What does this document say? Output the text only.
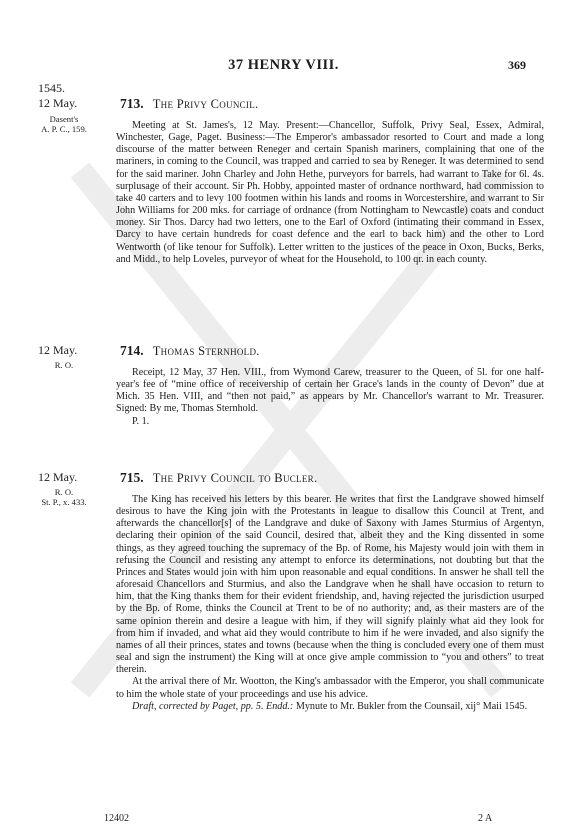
37 HENRY VIII.	369
1545.
12 May.
Dasent's
A. P. C., 159.
713. The Privy Council.

Meeting at St. James's, 12 May. Present:—Chancellor, Suffolk, Privy Seal, Essex, Admiral, Winchester, Gage, Paget. Business:—The Emperor's ambassador resorted to Court and made a long discourse of the matter between Reneger and certain Spanish mariners, complaining that one of the mariners, in coming to the Council, was trapped and carried to sea by Reneger. It was determined to send for the said mariner. John Charley and John Hethe, purveyors for barrels, had warrant to Take for 6l. 4s. surplusage of their account. Sir Ph. Hobby, appointed master of ordnance northward, had commission to take 40 carters and to levy 100 footmen within his lands and rooms in Worcestershire, and warrant to Sir John Williams for 200 mks. for carriage of ordnance (from Nottingham to Newcastle) coats and conduct money. Sir Thos. Darcy had two letters, one to the Earl of Oxford (intimating their command in Essex, Darcy to have certain hundreds for coast defence and the earl to back him) and the other to Lord Wentworth (of like tenour for Suffolk). Letter written to the justices of the peace in Oxon, Bucks, Berks, and Midd., to help Loveles, purveyor of wheat for the Household, to 100 qr. in each county.

12 May.
R. O.
714. Thomas Sternhold.

Receipt, 12 May, 37 Hen. VIII., from Wymond Carew, treasurer to the Queen, of 5l. for one half-year's fee of “mine office of receivership of certain her Grace's lands in the county of Devon” due at Mich. 35 Hen. VIII, and “then not paid,” as appears by Mr. Chancellor's warrant to Mr. Treasurer. Signed: By me, Thomas Sternhold.

P. 1.
12 May.
R. O.
St. P., x. 433.
715. The Privy Council to Bucler.

The King has received his letters by this bearer. He writes that first the Landgrave showed himself desirous to have the King join with the Protestants in league to disallow this Council at Trent, and afterwards the chancellor[s] of the Landgrave and duke of Saxony with James Sturmius of Argentyn, declaring their opinion of the said Council, desired that, albeit they and the King dissented in some things, as they agreed touching the supremacy of the Bp. of Rome, his Majesty would join with them in refusing the Council and resisting any attempt to enforce its determinations, not doubting but that the Princes and States would join with him upon reasonable and equal conditions. In answer he shall tell the aforesaid Chancellors and Sturmius, and also the Landgrave when he shall have occasion to return to him, that the King thanks them for their evident friendship, and, having rejected the jurisdiction usurped by the Bp. of Rome, thinks the Council at Trent to be of no authority; and, as their masters are of the same opinion therein and desire a league with him, if they will signify plainly what aid they look for from him if invaded, and what aid they would contribute to him if he were invaded, and also signify the names of all their princes, states and towns (because when the thing is concluded every one of them must seal and sign the instrument) the King will at once give ample commission to “you and others” to treat therein.

At the arrival there of Mr. Wootton, the King's ambassador with the Emperor, you shall communicate to him the whole state of your proceedings and use his advice.

Draft, corrected by Paget, pp. 5. Endd.: Mynute to Mr. Bukler from the Counsail, xij° Maii 1545.
12402	2 A
